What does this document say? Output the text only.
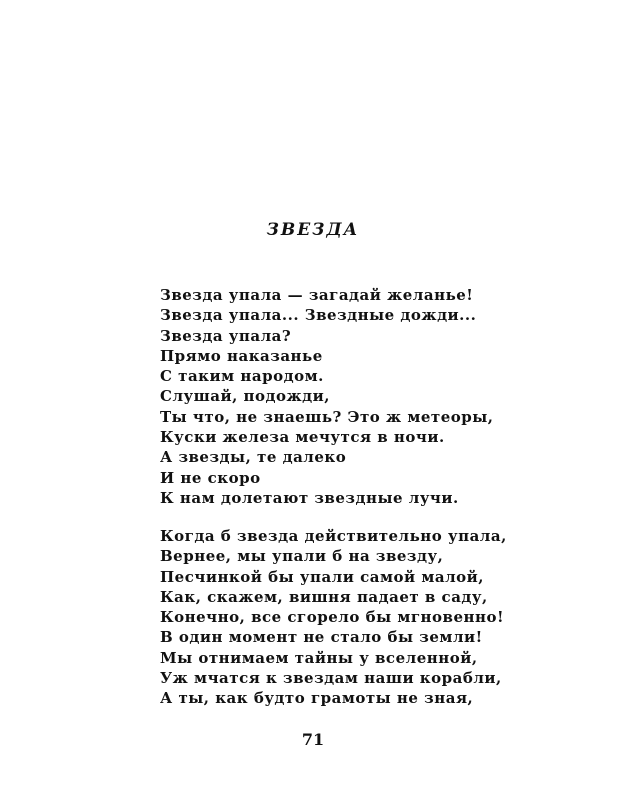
ЗВЕЗДА
Звезда упала — загадай желанье!
Звезда упала... Звездные дожди...
Звезда упала?
Прямо наказанье
С таким народом.
Слушай, подожди,
Ты что, не знаешь? Это ж метеоры,
Куски железа мечутся в ночи.
А звезды, те далеко
И не скоро
К нам долетают звездные лучи.
Когда б звезда действительно упала,
Вернее, мы упали б на звезду,
Песчинкой бы упали самой малой,
Как, скажем, вишня падает в саду,
Конечно, все сгорело бы мгновенно!
В один момент не стало бы земли!
Мы отнимаем тайны у вселенной,
Уж мчатся к звездам наши корабли,
А ты, как будто грамоты не зная,
71
